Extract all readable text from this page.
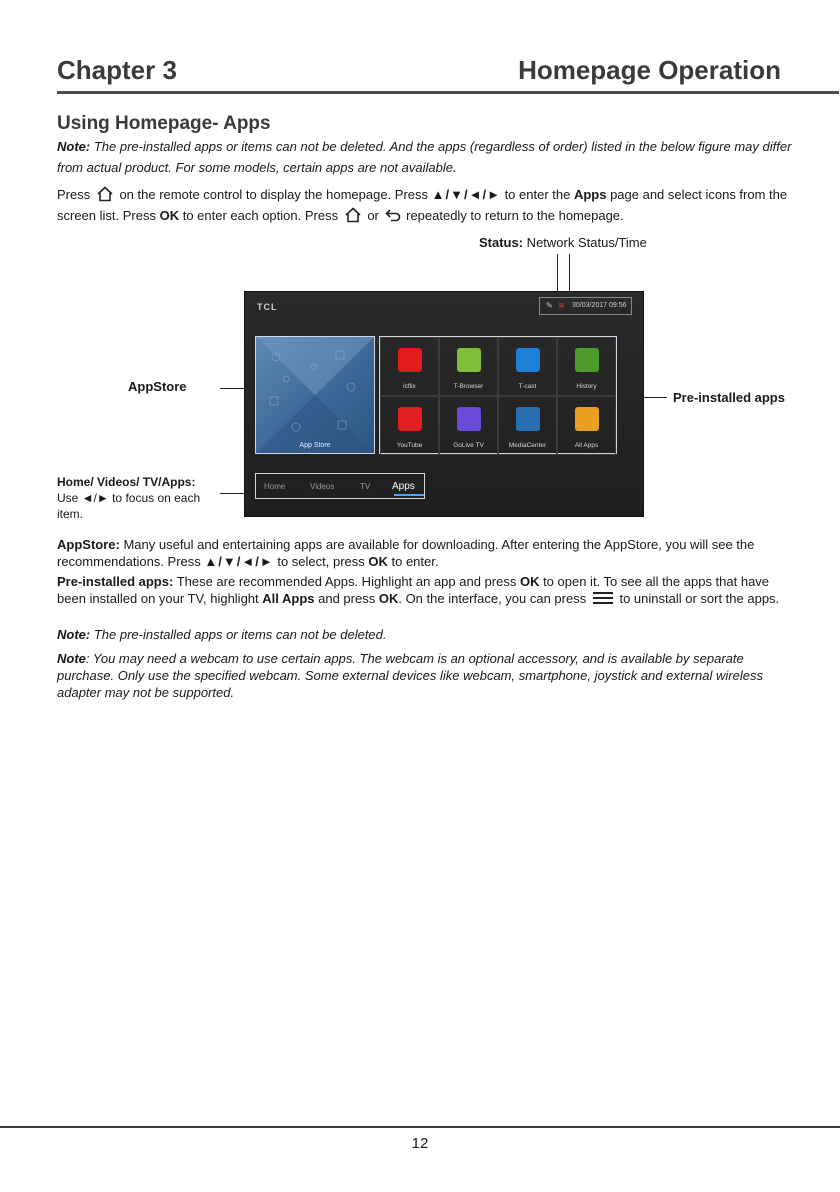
Chapter 3	Homepage Operation
Using Homepage- Apps
Note: The pre-installed apps or items can not be deleted. And the apps (regardless of order) listed in the below figure may differ from actual product. For some models, certain apps are not available.
Press  on the remote control to display the homepage. Press ▲/▼/◄/► to enter the Apps page and select icons from the screen list. Press OK to enter each option. Press  or  repeatedly to return to the homepage.
Status: Network Status/Time
AppStore
Pre-installed apps
Home/ Videos/ TV/Apps:
Use ◄/► to focus on each item.
TCL	✎ ≋ 30/03/2017 09:56
App Store
icflix	T-Browser	T-cast	History
YouTube	GoLive TV	MediaCenter	All Apps
Home	Videos	TV Apps
AppStore: Many useful and entertaining apps are available for downloading. After entering the AppStore, you will see the recommendations. Press ▲/▼/◄/► to select, press OK to enter.
Pre-installed apps: These are recommended Apps. Highlight an app and press OK to open it. To see all the apps that have been installed on your TV, highlight All Apps and press OK. On the interface, you can press  to uninstall or sort the apps.
Note: The pre-installed apps or items can not be deleted.
Note: You may need a webcam to use certain apps. The webcam is an optional accessory, and is available by separate purchase. Only use the specified webcam. Some external devices like webcam, smartphone, joystick and external wireless adapter may not be supported.
12
